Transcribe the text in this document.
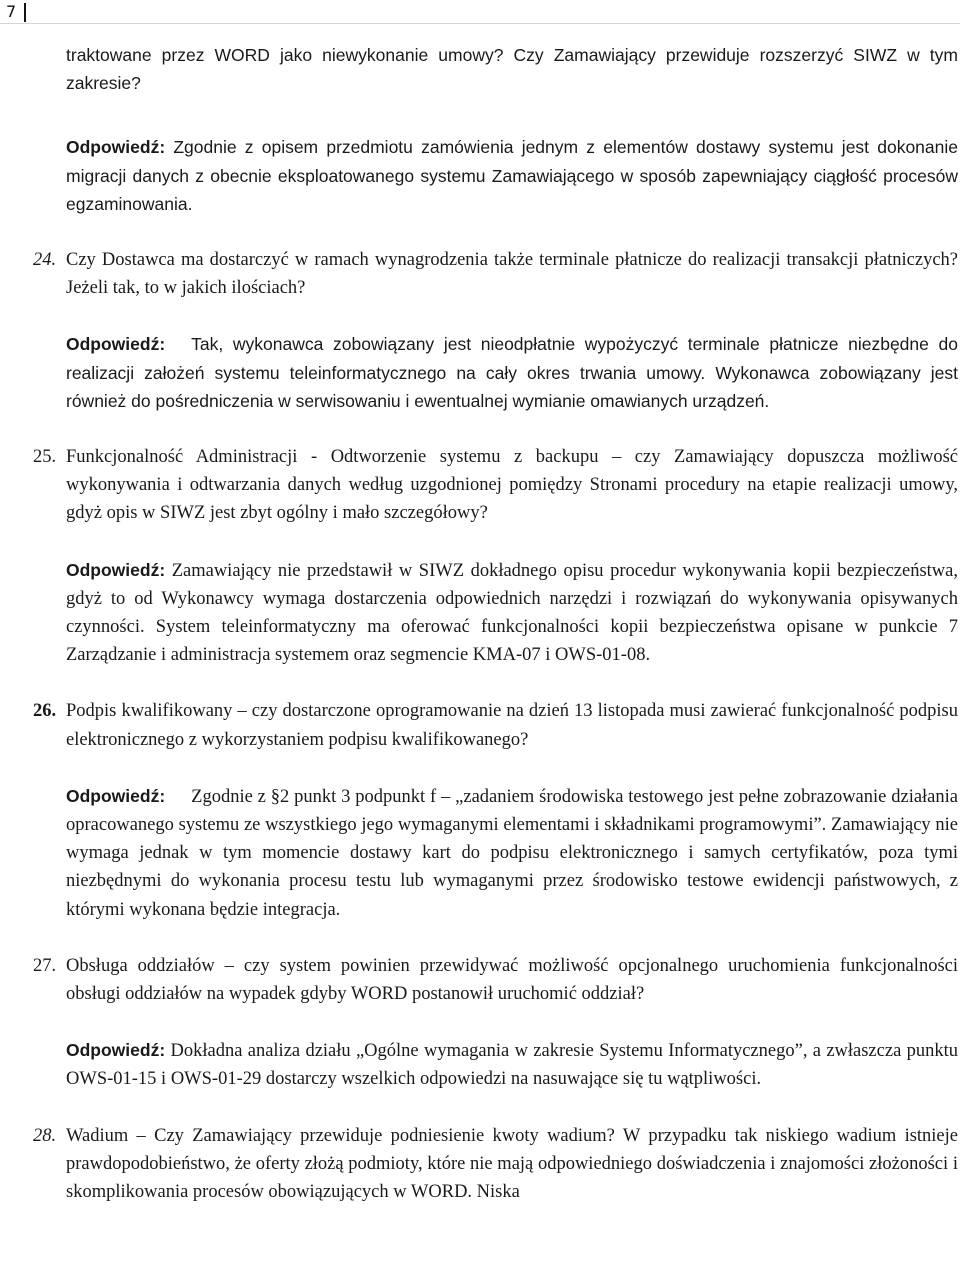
7

traktowane przez WORD jako niewykonanie umowy? Czy Zamawiający przewiduje rozszerzyć SIWZ w tym zakresie?

Odpowiedź: Zgodnie z opisem przedmiotu zamówienia jednym z elementów dostawy systemu jest dokonanie migracji danych z obecnie eksploatowanego systemu Zamawiającego w sposób zapewniający ciągłość procesów egzaminowania.

24. Czy Dostawca ma dostarczyć w ramach wynagrodzenia także terminale płatnicze do realizacji transakcji płatniczych? Jeżeli tak, to w jakich ilościach?

Odpowiedź: Tak, wykonawca zobowiązany jest nieodpłatnie wypożyczyć terminale płatnicze niezbędne do realizacji założeń systemu teleinformatycznego na cały okres trwania umowy. Wykonawca zobowiązany jest również do pośredniczenia w serwisowaniu i ewentualnej wymianie omawianych urządzeń.

25. Funkcjonalność Administracji - Odtworzenie systemu z backupu – czy Zamawiający dopuszcza możliwość wykonywania i odtwarzania danych według uzgodnionej pomiędzy Stronami procedury na etapie realizacji umowy, gdyż opis w SIWZ jest zbyt ogólny i mało szczegółowy?

Odpowiedź: Zamawiający nie przedstawił w SIWZ dokładnego opisu procedur wykonywania kopii bezpieczeństwa, gdyż to od Wykonawcy wymaga dostarczenia odpowiednich narzędzi i rozwiązań do wykonywania opisywanych czynności. System teleinformatyczny ma oferować funkcjonalności kopii bezpieczeństwa opisane w punkcie 7 Zarządzanie i administracja systemem oraz segmencie KMA-07 i OWS-01-08.

26. Podpis kwalifikowany – czy dostarczone oprogramowanie na dzień 13 listopada musi zawierać funkcjonalność podpisu elektronicznego z wykorzystaniem podpisu kwalifikowanego?

Odpowiedź: Zgodnie z §2 punkt 3 podpunkt f – „zadaniem środowiska testowego jest pełne zobrazowanie działania opracowanego systemu ze wszystkiego jego wymaganymi elementami i składnikami programowymi”. Zamawiający nie wymaga jednak w tym momencie dostawy kart do podpisu elektronicznego i samych certyfikatów, poza tymi niezbędnymi do wykonania procesu testu lub wymaganymi przez środowisko testowe ewidencji państwowych, z którymi wykonana będzie integracja.

27. Obsługa oddziałów – czy system powinien przewidywać możliwość opcjonalnego uruchomienia funkcjonalności obsługi oddziałów na wypadek gdyby WORD postanowił uruchomić oddział?

Odpowiedź: Dokładna analiza działu „Ogólne wymagania w zakresie Systemu Informatycznego”, a zwłaszcza punktu OWS-01-15 i OWS-01-29 dostarczy wszelkich odpowiedzi na nasuwające się tu wątpliwości.

28. Wadium – Czy Zamawiający przewiduje podniesienie kwoty wadium? W przypadku tak niskiego wadium istnieje prawdopodobieństwo, że oferty złożą podmioty, które nie mają odpowiedniego doświadczenia i znajomości złożoności i skomplikowania procesów obowiązujących w WORD. Niska
